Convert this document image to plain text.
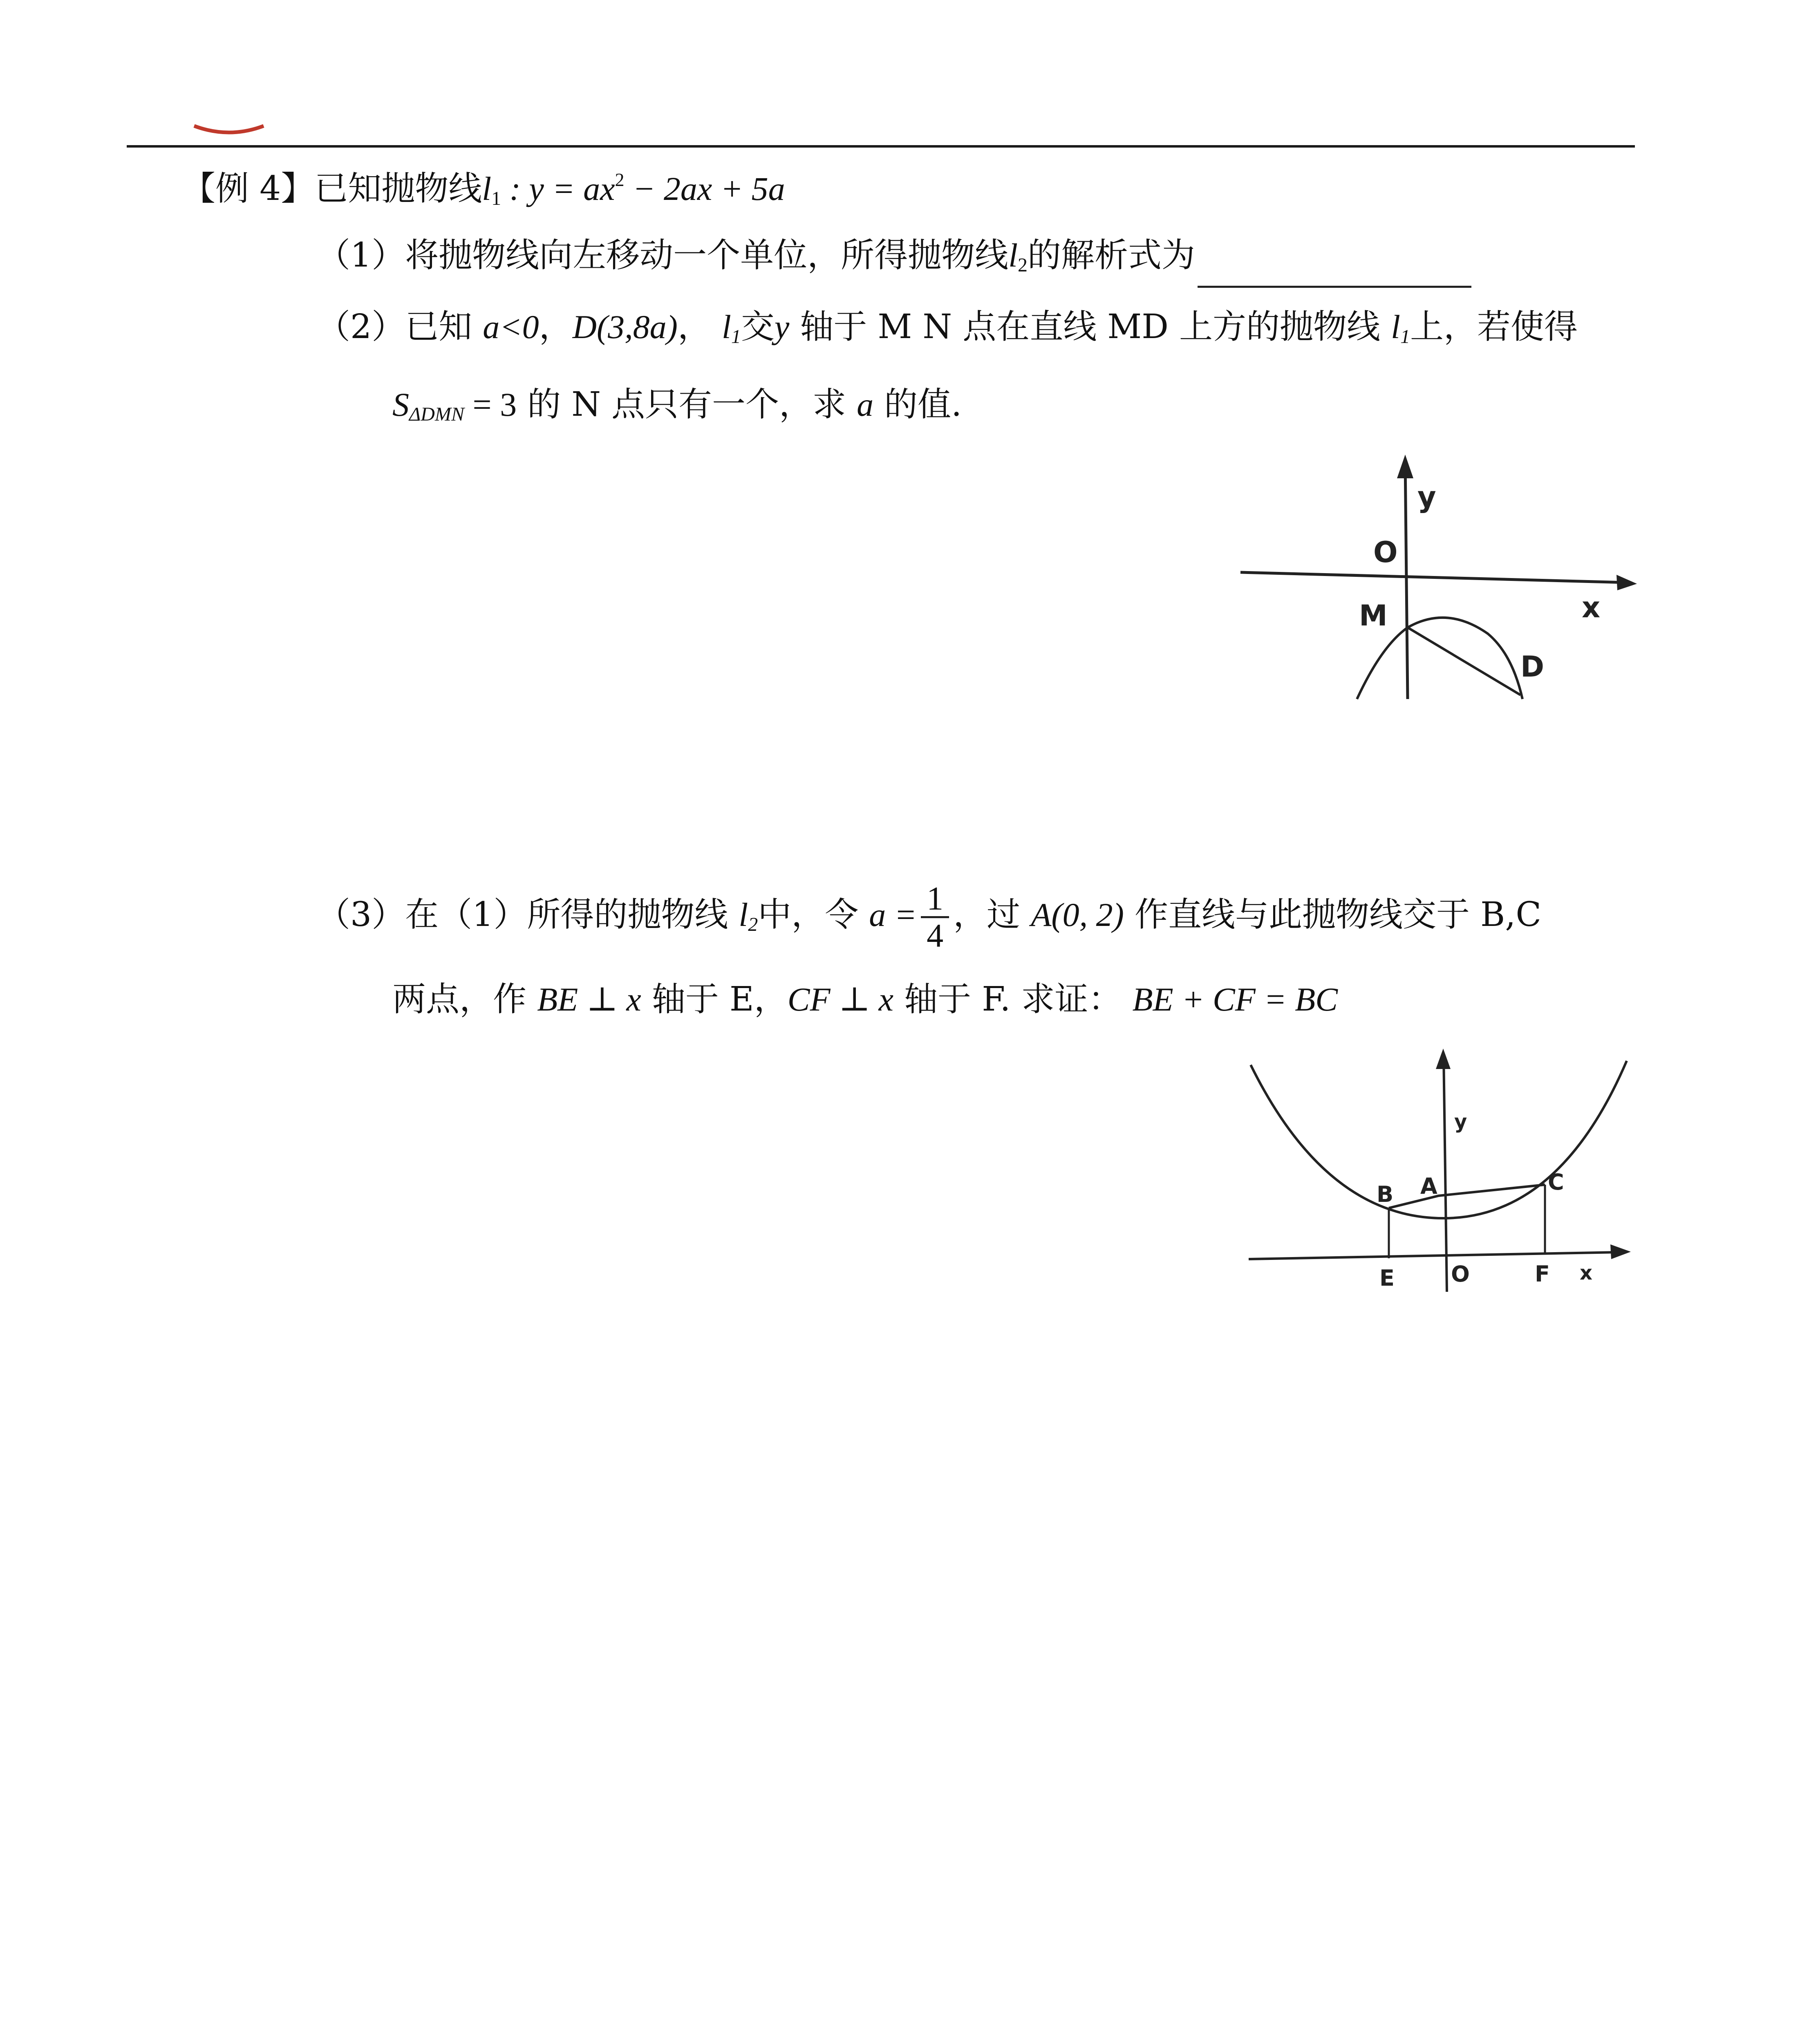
【例 4】已知抛物线$l_1$ : $y = ax^2 - 2ax + 5a$
（1）将抛物线向左移动一个单位，所得抛物线$l_2$的解析式为
（2）已知 a<0，D(3,8a)， $l_1$交y 轴于 M N 点在直线 MD 上方的抛物线 $l_1$上，若使得
$S_{\Delta DMN} = 3$ 的 N 点只有一个，求 a 的值.
y
O
M	x
D
（3）在（1）所得的抛物线 $l_2$中，令 $a = \frac{1}{4}$ ，过 A(0, 2) 作直线与此抛物线交于 B,C
两点，作 BE ⊥ x 轴于 E，CF ⊥ x 轴于 F. 求证： BE + CF = BC
y
B A	C
E	O	F x
